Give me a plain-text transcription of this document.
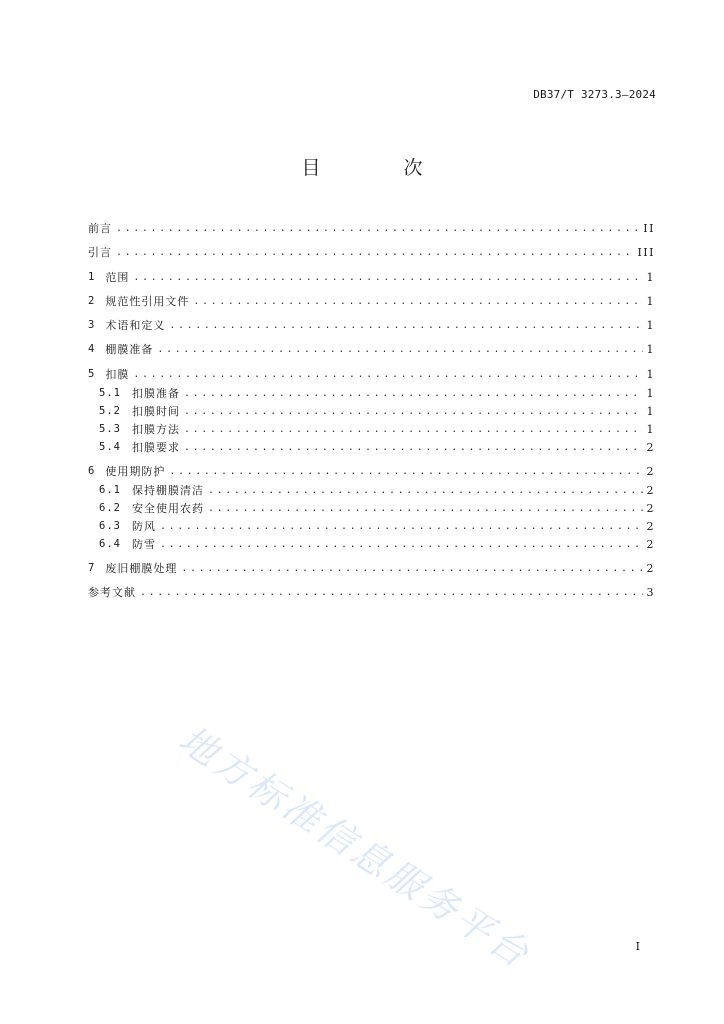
DB37/T 3273.3—2024
目　次
前言 .....	II
引言 .....	III
1 范围 .....	1
2 规范性引用文件 .....	1
3 术语和定义 .....	1
4 棚膜准备 .....	1
5 扣膜 .....	1
5.1 扣膜准备 .....	1
5.2 扣膜时间 .....	1
5.3 扣膜方法 .....	1
5.4 扣膜要求 .....	2
6 使用期防护 .....	2
6.1 保持棚膜清洁 .....	2
6.2 安全使用农药 .....	2
6.3 防风 .....	2
6.4 防雪 .....	2
7 废旧棚膜处理 .....	2
参考文献 .....	3
地方标准信息服务平台	I
